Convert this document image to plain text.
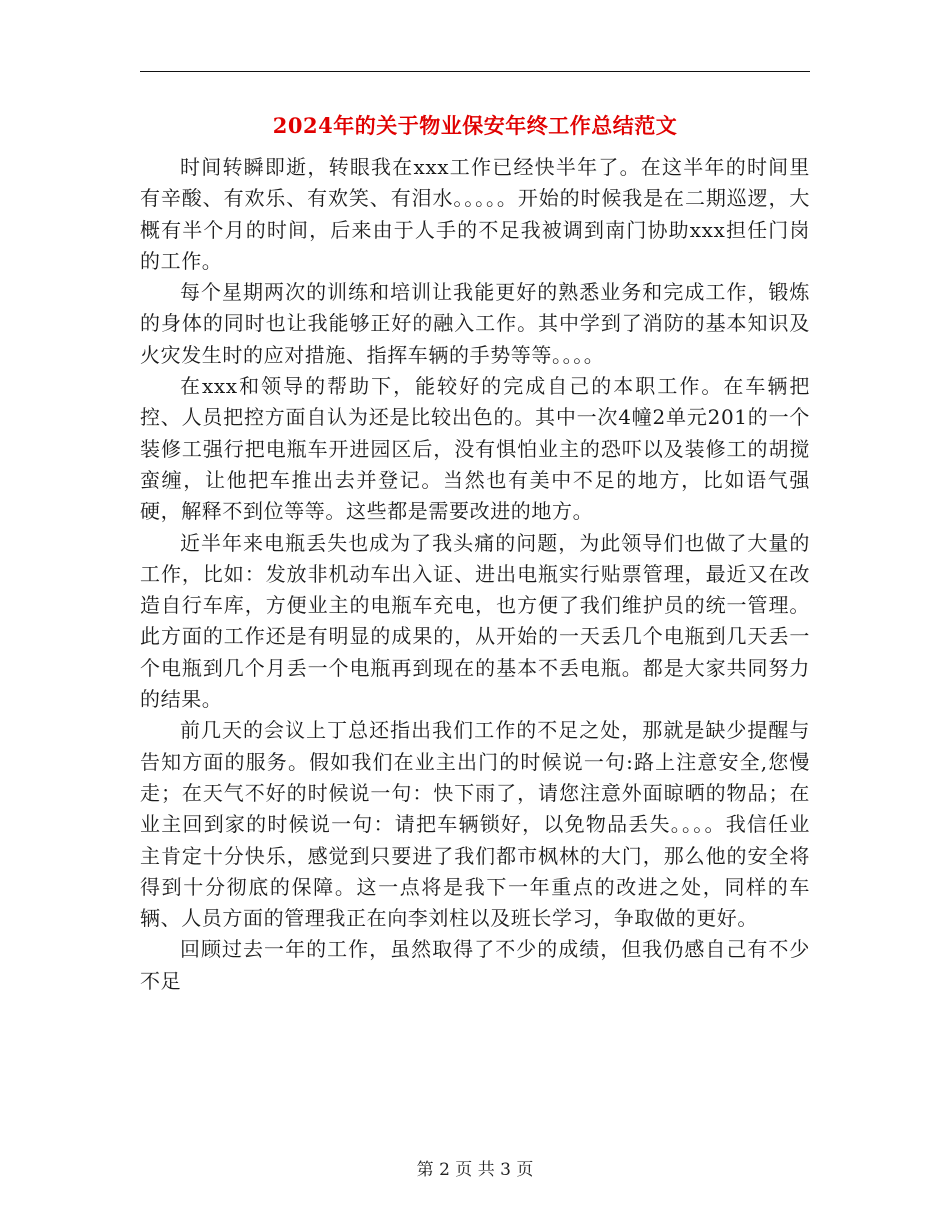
2024年的关于物业保安年终工作总结范文

时间转瞬即逝，转眼我在xxx工作已经快半年了。在这半年的时间里有辛酸、有欢乐、有欢笑、有泪水。。。。。开始的时候我是在二期巡逻，大概有半个月的时间，后来由于人手的不足我被调到南门协助xxx担任门岗的工作。

每个星期两次的训练和培训让我能更好的熟悉业务和完成工作，锻炼的身体的同时也让我能够正好的融入工作。其中学到了消防的基本知识及火灾发生时的应对措施、指挥车辆的手势等等。。。。

在xxx和领导的帮助下，能较好的完成自己的本职工作。在车辆把控、人员把控方面自认为还是比较出色的。其中一次4幢2单元201的一个装修工强行把电瓶车开进园区后，没有惧怕业主的恐吓以及装修工的胡搅蛮缠，让他把车推出去并登记。当然也有美中不足的地方，比如语气强硬，解释不到位等等。这些都是需要改进的地方。

近半年来电瓶丢失也成为了我头痛的问题，为此领导们也做了大量的工作，比如：发放非机动车出入证、进出电瓶实行贴票管理，最近又在改造自行车库，方便业主的电瓶车充电，也方便了我们维护员的统一管理。此方面的工作还是有明显的成果的，从开始的一天丢几个电瓶到几天丢一个电瓶到几个月丢一个电瓶再到现在的基本不丢电瓶。都是大家共同努力的结果。

前几天的会议上丁总还指出我们工作的不足之处，那就是缺少提醒与告知方面的服务。假如我们在业主出门的时候说一句:路上注意安全,您慢走；在天气不好的时候说一句：快下雨了，请您注意外面晾晒的物品；在业主回到家的时候说一句：请把车辆锁好，以免物品丢失。。。。我信任业主肯定十分快乐，感觉到只要进了我们都市枫林的大门，那么他的安全将得到十分彻底的保障。这一点将是我下一年重点的改进之处，同样的车辆、人员方面的管理我正在向李刘柱以及班长学习，争取做的更好。

回顾过去一年的工作，虽然取得了不少的成绩，但我仍感自己有不少不足

第 2 页 共 3 页
